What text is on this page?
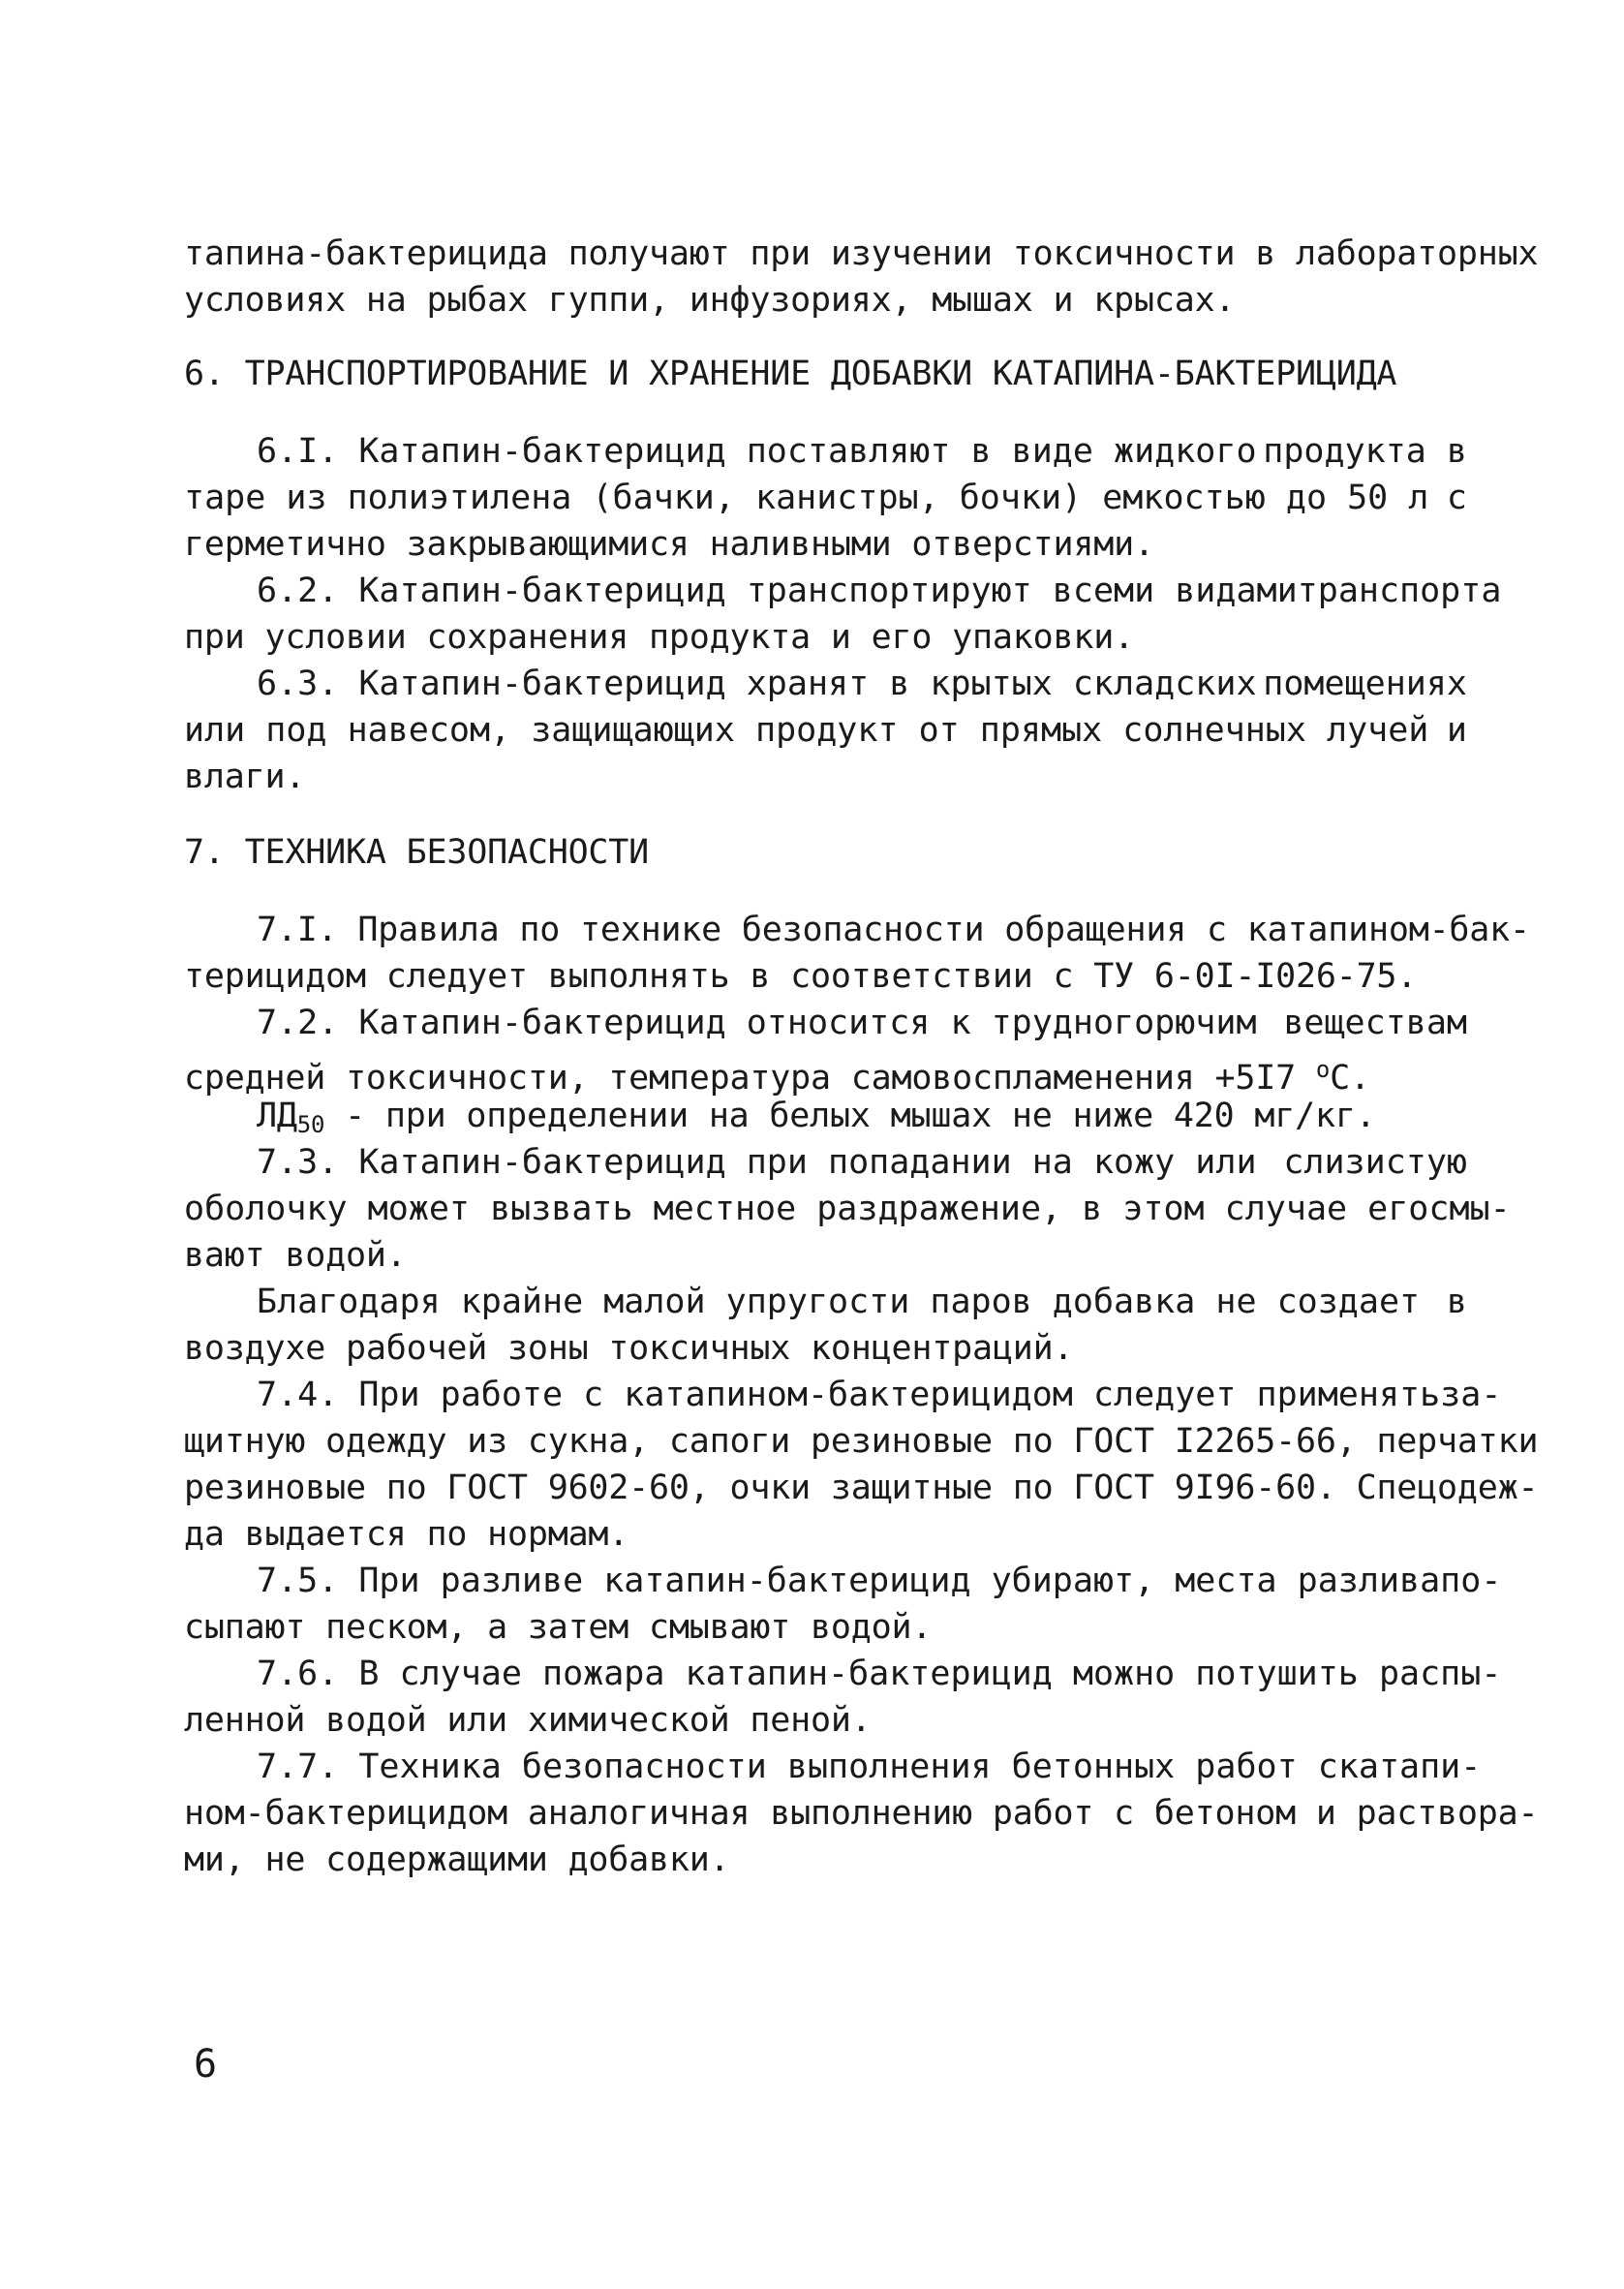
тапина-бактерицида получают при изучении токсичности в лабораторных
условиях на рыбах гуппи, инфузориях, мышах и крысах.
6. ТРАНСПОРТИРОВАНИЕ И ХРАНЕНИЕ ДОБАВКИ КАТАПИНА-БАКТЕРИЦИДА
6.I. Катапин-бактерицид поставляют в виде жидкого продукта в
таре из полиэтилена (бачки, канистры, бочки) емкостью до 50 л с
герметично закрывающимися наливными отверстиями.
6.2. Катапин-бактерицид транспортируют всеми видами транспорта
при условии сохранения продукта и его упаковки.
6.3. Катапин-бактерицид хранят в крытых складских помещениях
или под навесом, защищающих продукт от прямых солнечных лучей и
влаги.
7. ТЕХНИКА БЕЗОПАСНОСТИ
7.I. Правила по технике безопасности обращения с катапином-бак-
терицидом следует выполнять в соответствии с ТУ 6-0I-I026-75.
7.2. Катапин-бактерицид относится к трудногорючим веществам
средней токсичности, температура самовоспламенения +5I7 $^о$С.
$ЛД_{50}$ - при определении на белых мышах не ниже 420 мг/кг.
7.3. Катапин-бактерицид при попадании на кожу или слизистую
оболочку может вызвать местное раздражение, в этом случае его смы-
вают водой.
Благодаря крайне малой упругости паров добавка не создает в
воздухе рабочей зоны токсичных концентраций.
7.4. При работе с катапином-бактерицидом следует применять за-
щитную одежду из сукна, сапоги резиновые по ГОСТ I2265-66, перчатки
резиновые по ГОСТ 9602-60, очки защитные по ГОСТ 9I96-60. Спецодеж-
да выдается по нормам.
7.5. При разливе катапин-бактерицид убирают, места разлива по-
сыпают песком, а затем смывают водой.
7.6. В случае пожара катапин-бактерицид можно потушить распы -
ленной водой или химической пеной.
7.7. Техника безопасности выполнения бетонных работ с катапи-
ном-бактерицидом аналогичная выполнению работ с бетоном и раствора-
ми, не содержащими добавки.
6
